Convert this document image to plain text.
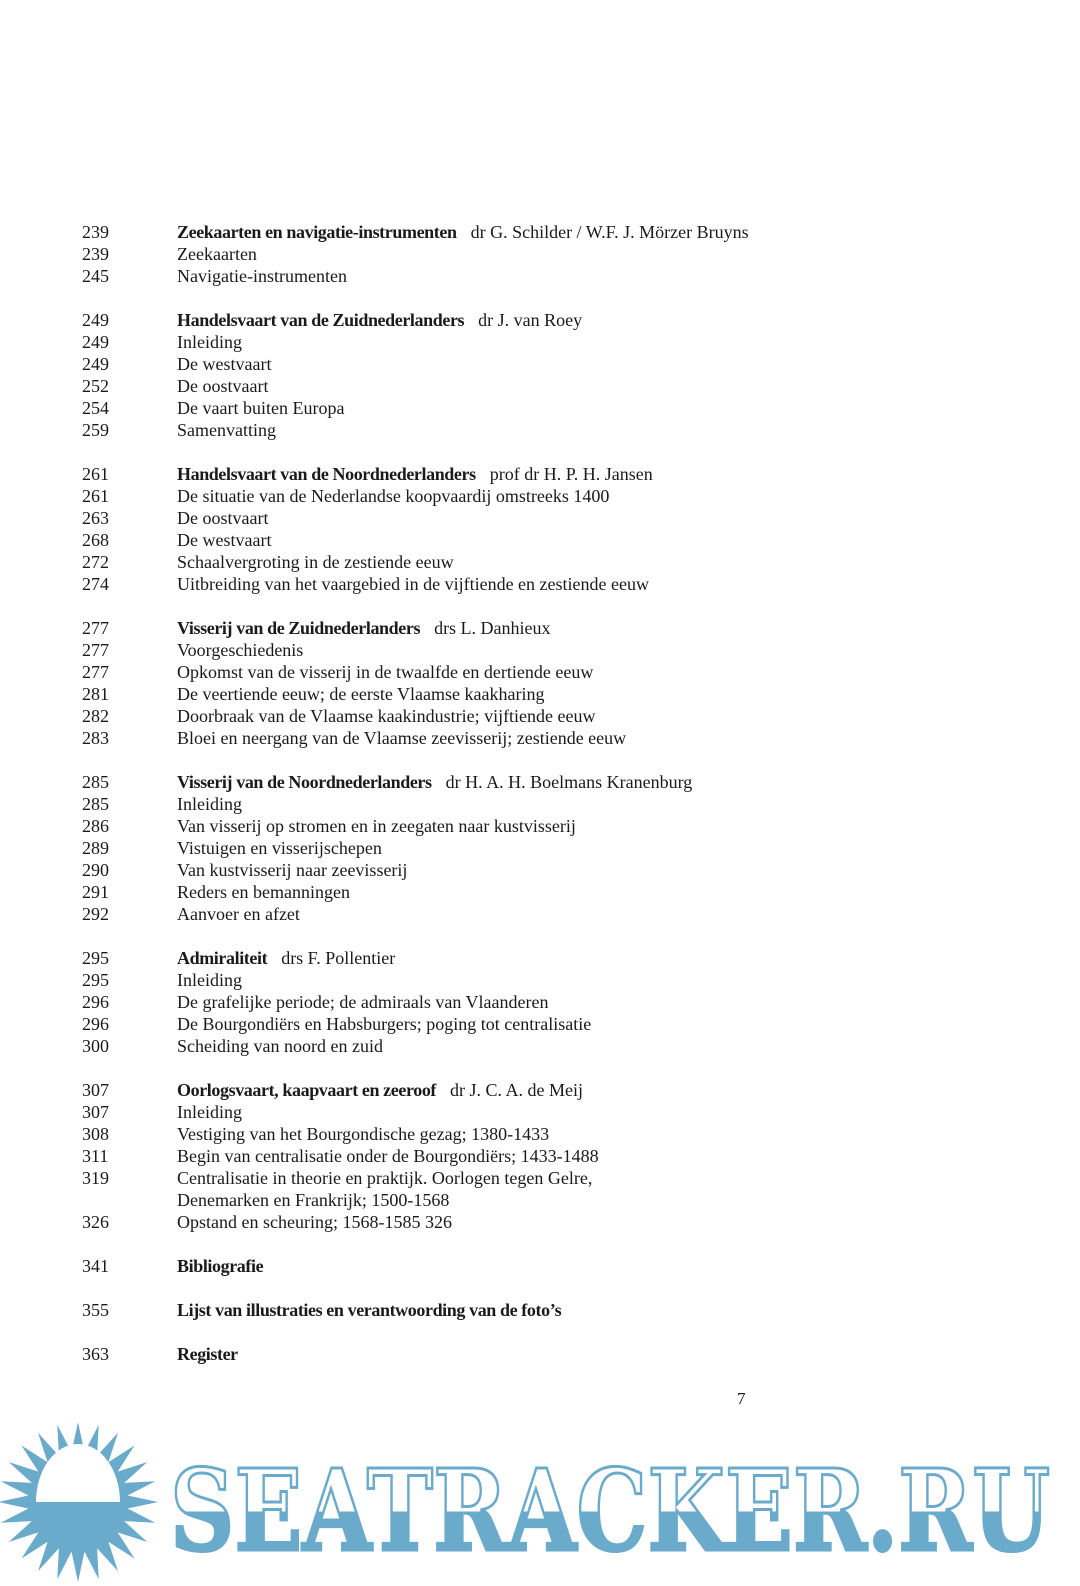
239	Zeekaarten en navigatie-instrumenten dr G. Schilder / W.F. J. Mörzer Bruyns
239	Zeekaarten
245	Navigatie-instrumenten
249	Handelsvaart van de Zuidnederlanders dr J. van Roey
249	Inleiding
249	De westvaart
252	De oostvaart
254	De vaart buiten Europa
259	Samenvatting
261	Handelsvaart van de Noordnederlanders prof dr H. P. H. Jansen
261	De situatie van de Nederlandse koopvaardij omstreeks 1400
263	De oostvaart
268	De westvaart
272	Schaalvergroting in de zestiende eeuw
274	Uitbreiding van het vaargebied in de vijftiende en zestiende eeuw
277	Visserij van de Zuidnederlanders drs L. Danhieux
277	Voorgeschiedenis
277	Opkomst van de visserij in de twaalfde en dertiende eeuw
281	De veertiende eeuw; de eerste Vlaamse kaakharing
282	Doorbraak van de Vlaamse kaakindustrie; vijftiende eeuw
283	Bloei en neergang van de Vlaamse zeevisserij; zestiende eeuw
285	Visserij van de Noordnederlanders dr H. A. H. Boelmans Kranenburg
285	Inleiding
286	Van visserij op stromen en in zeegaten naar kustvisserij
289	Vistuigen en visserijschepen
290	Van kustvisserij naar zeevisserij
291	Reders en bemanningen
292	Aanvoer en afzet
295	Admiraliteit drs F. Pollentier
295	Inleiding
296	De grafelijke periode; de admiraals van Vlaanderen
296	De Bourgondiërs en Habsburgers; poging tot centralisatie
300	Scheiding van noord en zuid
307	Oorlogsvaart, kaapvaart en zeeroof dr J. C. A. de Meij
307	Inleiding
308	Vestiging van het Bourgondische gezag; 1380-1433
311	Begin van centralisatie onder de Bourgondiërs; 1433-1488
319	Centralisatie in theorie en praktijk. Oorlogen tegen Gelre,
Denemarken en Frankrijk; 1500-1568
326	Opstand en scheuring; 1568-1585 326
341	Bibliografie
355	Lijst van illustraties en verantwoording van de foto’s
363	Register
7
SEATRACKER.RU
